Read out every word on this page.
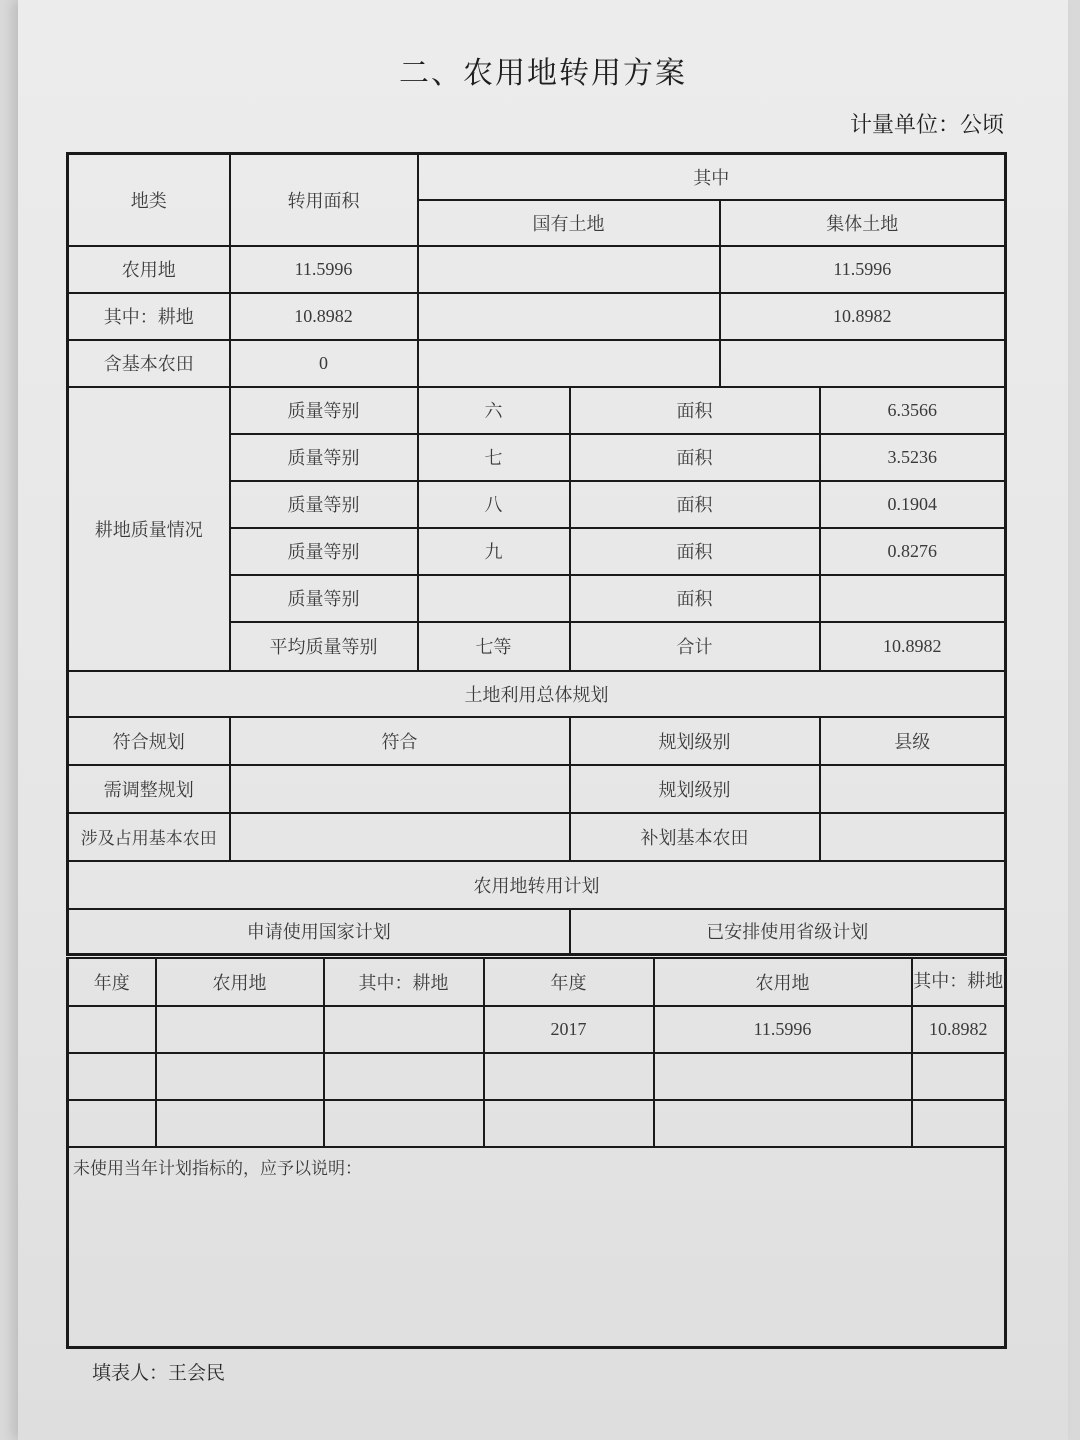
二、农用地转用方案
计量单位：公顷
地类	转用面积	其中			
		国有土地		集体土地	
农用地	11.5996			11.5996	
其中：耕地	10.8982			10.8982	
含基本农田	0				
耕地质量情况	质量等别	六	面积		6.3566
	质量等别	七	面积		3.5236
	质量等别	八	面积		0.1904
	质量等别	九	面积		0.8276
	质量等别		面积		
	平均质量等别	七等	合计		10.8982
土地利用总体规划					
符合规划	符合		规划级别		县级
需调整规划			规划级别		
涉及占用基本农田			补划基本农田		
农用地转用计划					
申请使用国家计划			已安排使用省级计划		
年度	农用地	其中：耕地	年度	农用地	其中：耕地
			2017	11.5996	10.8982

未使用当年计划指标的，应予以说明：					
填表人：王会民
